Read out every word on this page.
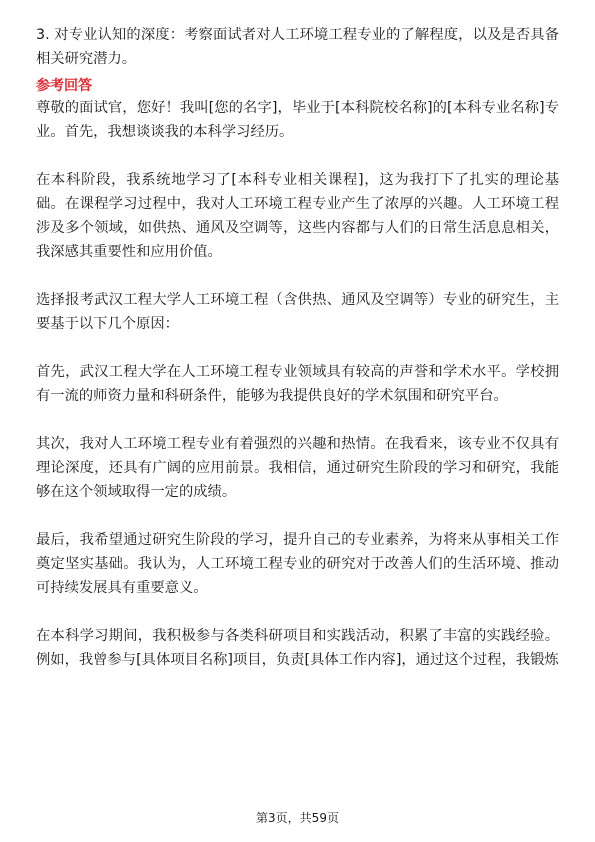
3. 对专业认知的深度：考察面试者对人工环境工程专业的了解程度，以及是否具备相关研究潜力。

参考回答

尊敬的面试官，您好！我叫[您的名字]，毕业于[本科院校名称]的[本科专业名称]专业。首先，我想谈谈我的本科学习经历。

在本科阶段，我系统地学习了[本科专业相关课程]，这为我打下了扎实的理论基础。在课程学习过程中，我对人工环境工程专业产生了浓厚的兴趣。人工环境工程涉及多个领域，如供热、通风及空调等，这些内容都与人们的日常生活息息相关，我深感其重要性和应用价值。

选择报考武汉工程大学人工环境工程（含供热、通风及空调等）专业的研究生，主要基于以下几个原因：

首先，武汉工程大学在人工环境工程专业领域具有较高的声誉和学术水平。学校拥有一流的师资力量和科研条件，能够为我提供良好的学术氛围和研究平台。

其次，我对人工环境工程专业有着强烈的兴趣和热情。在我看来，该专业不仅具有理论深度，还具有广阔的应用前景。我相信，通过研究生阶段的学习和研究，我能够在这个领域取得一定的成绩。

最后，我希望通过研究生阶段的学习，提升自己的专业素养，为将来从事相关工作奠定坚实基础。我认为，人工环境工程专业的研究对于改善人们的生活环境、推动可持续发展具有重要意义。

在本科学习期间，我积极参与各类科研项目和实践活动，积累了丰富的实践经验。例如，我曾参与[具体项目名称]项目，负责[具体工作内容]，通过这个过程，我锻炼

第3页，共59页
